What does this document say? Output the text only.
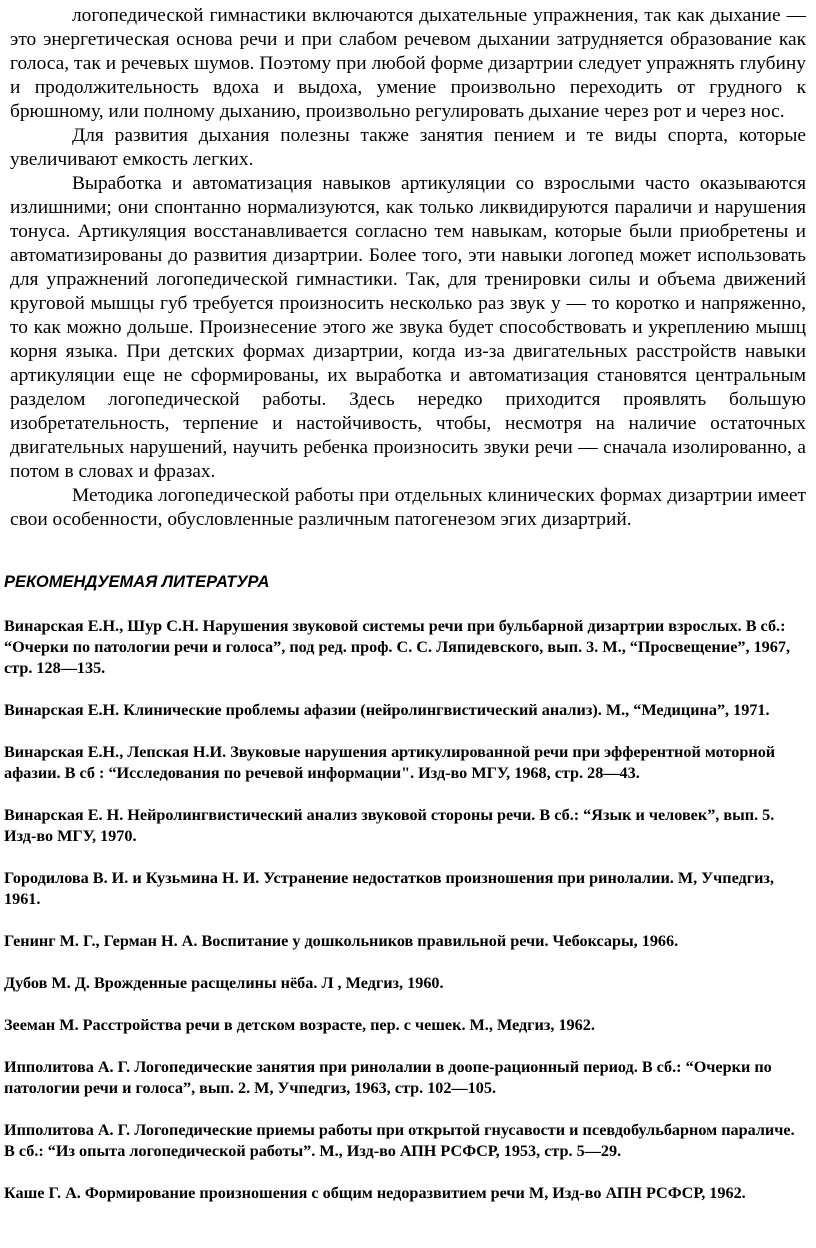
логопедической гимнастики включаются дыхательные упражнения, так как дыхание — это энергетическая основа речи и при слабом речевом дыхании затрудняется образование как голоса, так и речевых шумов. Поэтому при любой форме дизартрии следует упражнять глубину и продолжительность вдоха и выдоха, умение произвольно переходить от грудного к брюшному, или полному дыханию, произвольно регулировать дыхание через рот и через нос.

Для развития дыхания полезны также занятия пением и те виды спорта, которые увеличивают емкость легких.

Выработка и автоматизация навыков артикуляции со взрослыми часто оказываются излишними; они спонтанно нормализуются, как только ликвидируются параличи и нарушения тонуса. Артикуляция восстанавливается согласно тем навыкам, которые были приобретены и автоматизированы до развития дизартрии. Более того, эти навыки логопед может использовать для упражнений логопедической гимнастики. Так, для тренировки силы и объема движений круговой мышцы губ требуется произносить несколько раз звук у — то коротко и напряженно, то как можно дольше. Произнесение этого же звука будет способствовать и укреплению мышц корня языка. При детских формах дизартрии, когда из-за двигательных расстройств навыки артикуляции еще не сформированы, их выработка и автоматизация становятся центральным разделом логопедической работы. Здесь нередко приходится проявлять большую изобретательность, терпение и настойчивость, чтобы, несмотря на наличие остаточных двигательных нарушений, научить ребенка произносить звуки речи — сначала изолированно, а потом в словах и фразах.

Методика логопедической работы при отдельных клинических формах дизартрии имеет свои особенности, обусловленные различным патогенезом эгих дизартрий.

РЕКОМЕНДУЕМАЯ ЛИТЕРАТУРА

Винарская Е.Н., Шур С.Н. Нарушения звуковой системы речи при бульбарной дизартрии взрослых. В сб.: “Очерки по патологии речи и голоса”, под ред. проф. С. С. Ляпидевского, вып. 3. М., “Просвещение”, 1967, стр. 128—135.

Винарская Е.Н. Клинические проблемы афазии (нейролингвистический анализ). М., “Медицина”, 1971.

Винарская Е.Н., Лепская Н.И. Звуковые нарушения артикулированной речи при эфферентной моторной афазии. В сб : “Исследования по речевой информации". Изд-во МГУ, 1968, стр. 28—43.

Винарская Е. Н. Нейролингвистический анализ звуковой стороны речи. В сб.: “Язык и человек”, вып. 5. Изд-во МГУ, 1970.

Городилова В. И. и Кузьмина Н. И. Устранение недостатков произношения при ринолалии. М, Учпедгиз, 1961.

Генинг М. Г., Герман Н. А. Воспитание у дошкольников правильной речи. Чебоксары, 1966.

Дубов М. Д. Врожденные расщелины нёба. Л , Медгиз, 1960.

Зееман М. Расстройства речи в детском возрасте, пер. с чешек. М., Медгиз, 1962.

Ипполитова А. Г. Логопедические занятия при ринолалии в доопе-рационный период. В сб.: “Очерки по патологии речи и голоса”, вып. 2. М, Учпедгиз, 1963, стр. 102—105.

Ипполитова А. Г. Логопедические приемы работы при открытой гнусавости и псевдобульбарном параличе. В сб.: “Из опыта логопедической работы”. М., Изд-во АПН РСФСР, 1953, стр. 5—29.

Каше Г. А. Формирование произношения с общим недоразвитием речи М, Изд-во АПН РСФСР, 1962.
